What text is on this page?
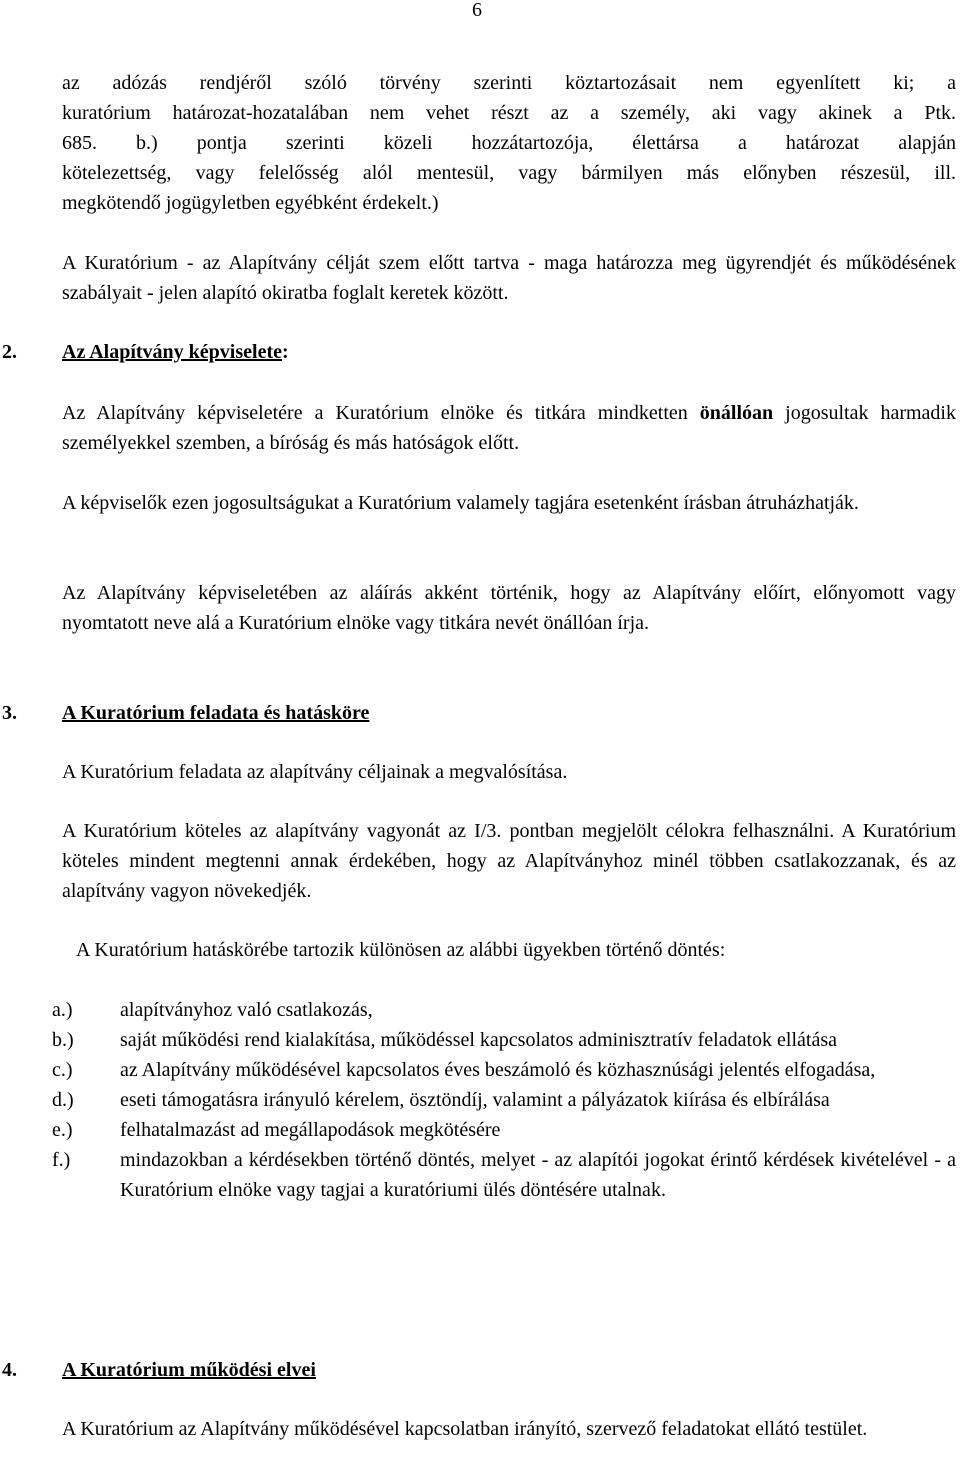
6
az adózás rendjéről szóló törvény szerinti köztartozásait nem egyenlített ki; a
kuratórium határozat-hozatalában nem vehet részt az a személy, aki vagy akinek a Ptk.
685. b.) pontja szerinti közeli hozzátartozója, élettársa a határozat alapján
kötelezettség, vagy felelősség alól mentesül, vagy bármilyen más előnyben részesül, ill.
megkötendő jogügyletben egyébként érdekelt.)
A Kuratórium - az Alapítvány célját szem előtt tartva - maga határozza meg ügyrendjét és működésének szabályait - jelen alapító okiratba foglalt keretek között.
2. Az Alapítvány képviselete:
Az Alapítvány képviseletére a Kuratórium elnöke és titkára mindketten önállóan jogosultak harmadik személyekkel szemben, a bíróság és más hatóságok előtt.
A képviselők ezen jogosultságukat a Kuratórium valamely tagjára esetenként írásban átruházhatják.
Az Alapítvány képviseletében az aláírás akként történik, hogy az Alapítvány előírt, előnyomott vagy nyomtatott neve alá a Kuratórium elnöke vagy titkára nevét önállóan írja.
3. A Kuratórium feladata és hatásköre
A Kuratórium feladata az alapítvány céljainak a megvalósítása.
A Kuratórium köteles az alapítvány vagyonát az I/3. pontban megjelölt célokra felhasználni. A Kuratórium köteles mindent megtenni annak érdekében, hogy az Alapítványhoz minél többen csatlakozzanak, és az alapítvány vagyon növekedjék.
A Kuratórium hatáskörébe tartozik különösen az alábbi ügyekben történő döntés:
a.) alapítványhoz való csatlakozás,
b.) saját működési rend kialakítása, működéssel kapcsolatos adminisztratív feladatok ellátása
c.) az Alapítvány működésével kapcsolatos éves beszámoló és közhasznúsági jelentés elfogadása,
d.) eseti támogatásra irányuló kérelem, ösztöndíj, valamint a pályázatok kiírása és elbírálása
e.) felhatalmazást ad megállapodások megkötésére
f.) mindazokban a kérdésekben történő döntés, melyet - az alapítói jogokat érintő kérdések kivételével - a Kuratórium elnöke vagy tagjai a kuratóriumi ülés döntésére utalnak.
4. A Kuratórium működési elvei
A Kuratórium az Alapítvány működésével kapcsolatban irányító, szervező feladatokat ellátó testület.
